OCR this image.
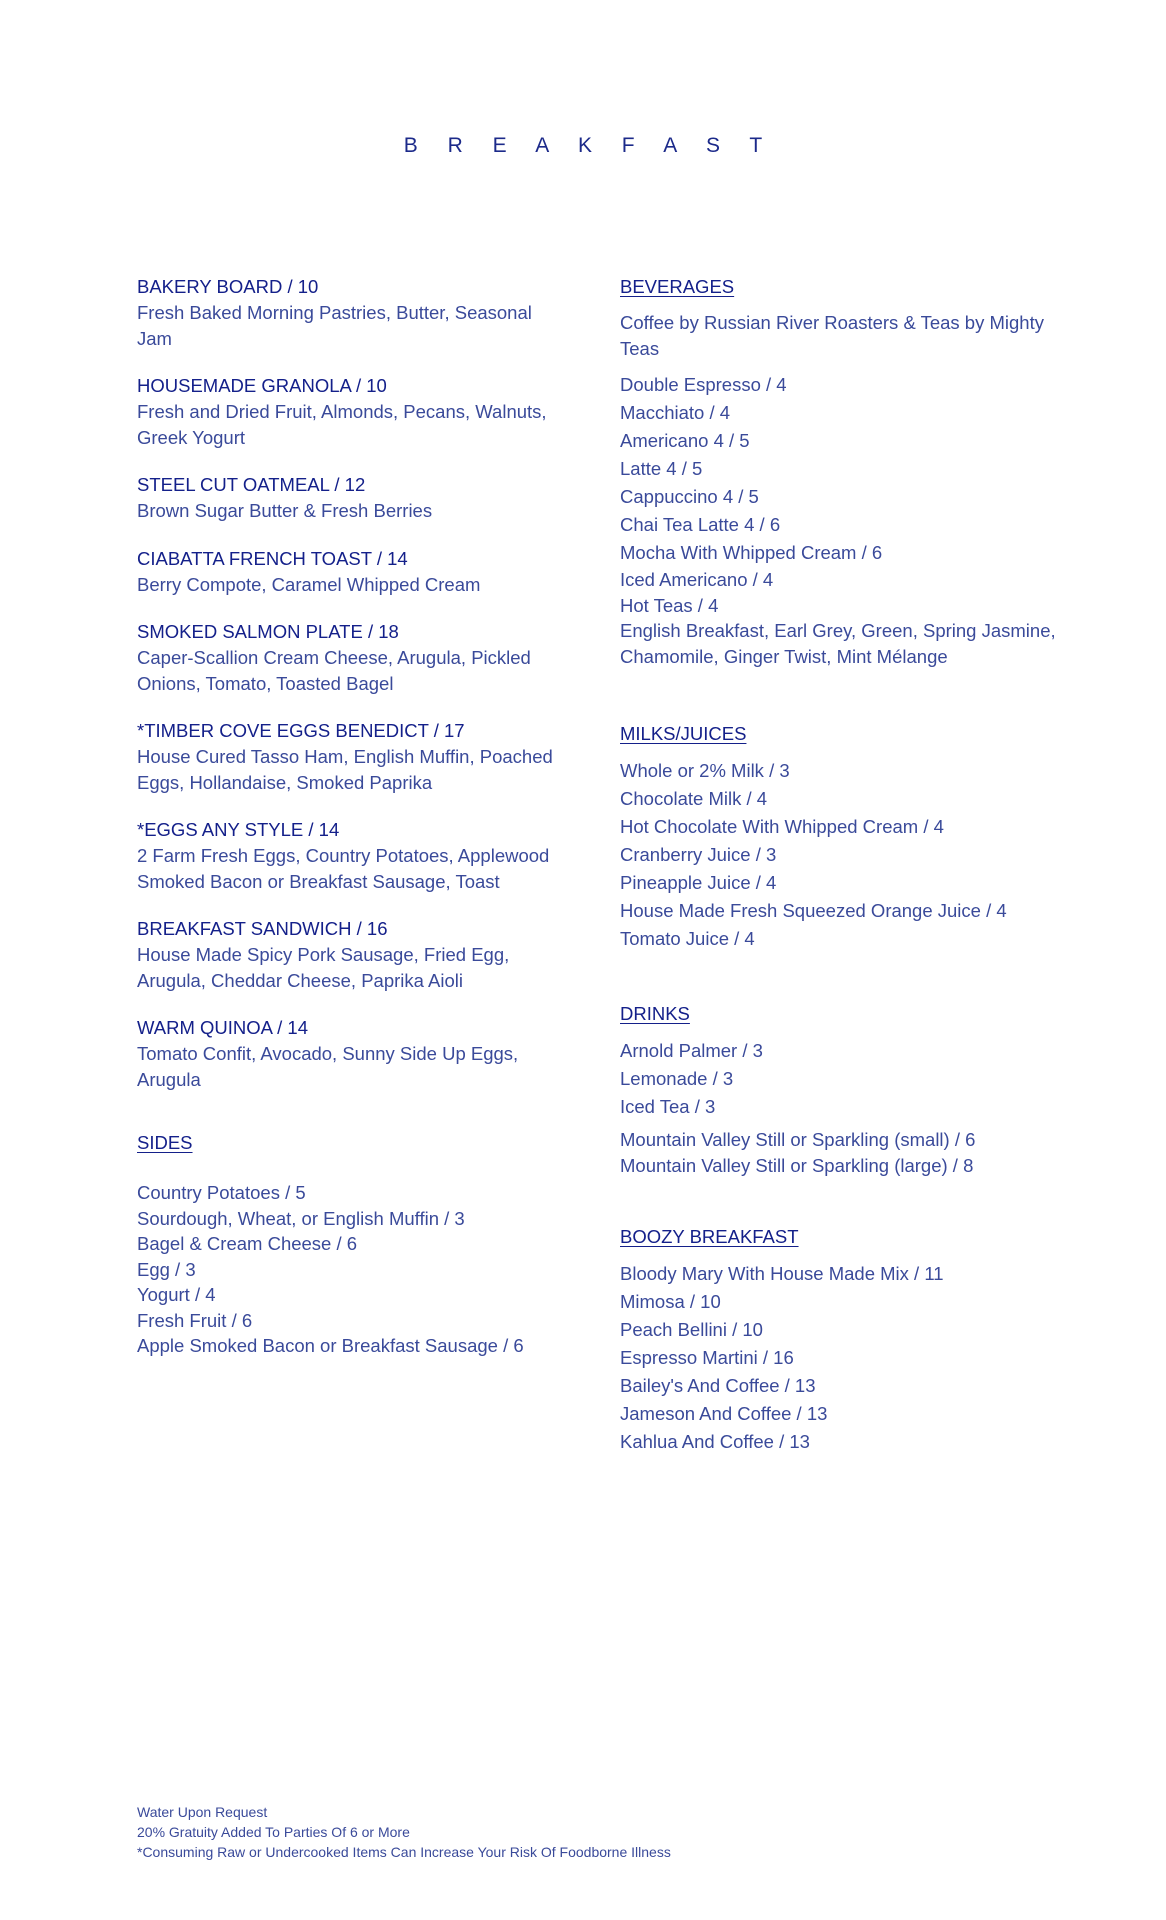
B R E A K F A S T
BAKERY BOARD / 10
Fresh Baked Morning Pastries, Butter, Seasonal Jam
HOUSEMADE GRANOLA / 10
Fresh and Dried Fruit, Almonds, Pecans, Walnuts, Greek Yogurt
STEEL CUT OATMEAL / 12
Brown Sugar Butter & Fresh Berries
CIABATTA FRENCH TOAST / 14
Berry Compote, Caramel Whipped Cream
SMOKED SALMON PLATE / 18
Caper-Scallion Cream Cheese, Arugula, Pickled Onions, Tomato, Toasted Bagel
*TIMBER COVE EGGS BENEDICT / 17
House Cured Tasso Ham, English Muffin, Poached Eggs, Hollandaise, Smoked Paprika
*EGGS ANY STYLE / 14
2 Farm Fresh Eggs, Country Potatoes, Applewood Smoked Bacon or Breakfast Sausage, Toast
BREAKFAST SANDWICH / 16
House Made Spicy Pork Sausage, Fried Egg, Arugula, Cheddar Cheese, Paprika Aioli
WARM QUINOA / 14
Tomato Confit, Avocado, Sunny Side Up Eggs, Arugula
SIDES
Country Potatoes / 5
Sourdough, Wheat, or English Muffin / 3
Bagel & Cream Cheese / 6
Egg / 3
Yogurt / 4
Fresh Fruit / 6
Apple Smoked Bacon or Breakfast Sausage / 6
BEVERAGES
Coffee by Russian River Roasters & Teas by Mighty Teas
Double Espresso / 4
Macchiato / 4
Americano 4 / 5
Latte 4 / 5
Cappuccino 4 / 5
Chai Tea Latte 4 / 6
Mocha With Whipped Cream / 6
Iced Americano / 4
Hot Teas / 4
English Breakfast, Earl Grey, Green, Spring Jasmine, Chamomile, Ginger Twist, Mint Mélange
MILKS/JUICES
Whole or 2% Milk / 3
Chocolate Milk / 4
Hot Chocolate With Whipped Cream / 4
Cranberry Juice / 3
Pineapple Juice / 4
House Made Fresh Squeezed Orange Juice / 4
Tomato Juice / 4
DRINKS
Arnold Palmer / 3
Lemonade / 3
Iced Tea / 3
Mountain Valley Still or Sparkling (small) / 6
Mountain Valley Still or Sparkling (large) / 8
BOOZY BREAKFAST
Bloody Mary With House Made Mix / 11
Mimosa / 10
Peach Bellini / 10
Espresso Martini / 16
Bailey's And Coffee / 13
Jameson And Coffee / 13
Kahlua And Coffee / 13
Water Upon Request
20% Gratuity Added To Parties Of 6 or More
*Consuming Raw or Undercooked Items Can Increase Your Risk Of Foodborne Illness
